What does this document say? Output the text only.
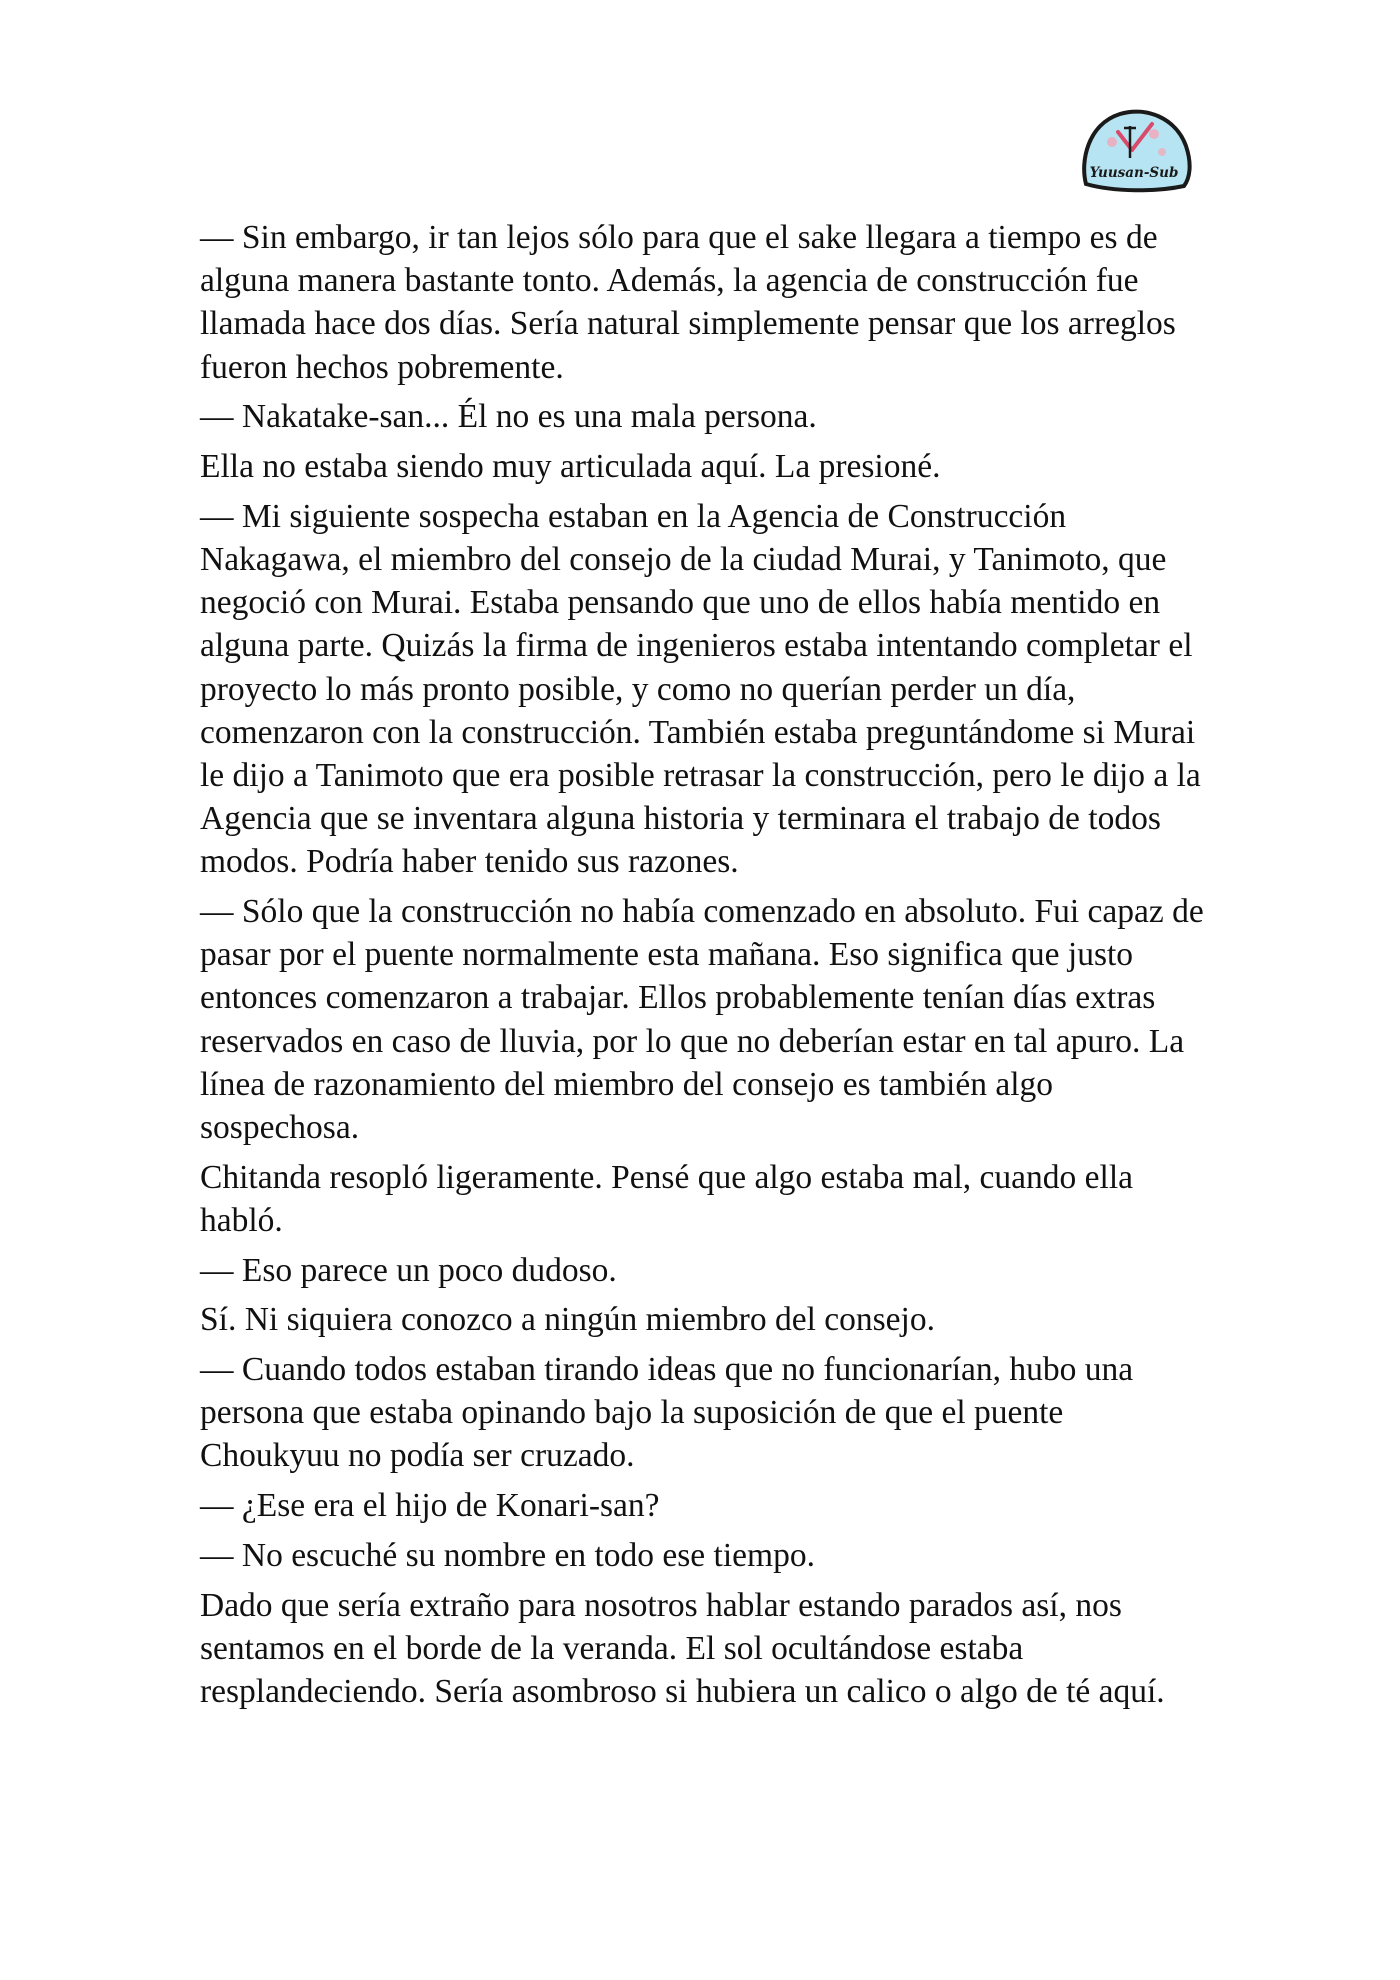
Yuusan-Sub

— Sin embargo, ir tan lejos sólo para que el sake llegara a tiempo es de alguna manera bastante tonto. Además, la agencia de construcción fue llamada hace dos días. Sería natural simplemente pensar que los arreglos fueron hechos pobremente.

— Nakatake-san... Él no es una mala persona.

Ella no estaba siendo muy articulada aquí. La presioné.

— Mi siguiente sospecha estaban en la Agencia de Construcción Nakagawa, el miembro del consejo de la ciudad Murai, y Tanimoto, que negoció con Murai. Estaba pensando que uno de ellos había mentido en alguna parte. Quizás la firma de ingenieros estaba intentando completar el proyecto lo más pronto posible, y como no querían perder un día, comenzaron con la construcción. También estaba preguntándome si Murai le dijo a Tanimoto que era posible retrasar la construcción, pero le dijo a la Agencia que se inventara alguna historia y terminara el trabajo de todos modos. Podría haber tenido sus razones.

— Sólo que la construcción no había comenzado en absoluto. Fui capaz de pasar por el puente normalmente esta mañana. Eso significa que justo entonces comenzaron a trabajar. Ellos probablemente tenían días extras reservados en caso de lluvia, por lo que no deberían estar en tal apuro. La línea de razonamiento del miembro del consejo es también algo sospechosa.

Chitanda resopló ligeramente. Pensé que algo estaba mal, cuando ella habló.

— Eso parece un poco dudoso.

Sí. Ni siquiera conozco a ningún miembro del consejo.

— Cuando todos estaban tirando ideas que no funcionarían, hubo una persona que estaba opinando bajo la suposición de que el puente Choukyuu no podía ser cruzado.

— ¿Ese era el hijo de Konari-san?

— No escuché su nombre en todo ese tiempo.

Dado que sería extraño para nosotros hablar estando parados así, nos sentamos en el borde de la veranda. El sol ocultándose estaba resplandeciendo. Sería asombroso si hubiera un calico o algo de té aquí.
